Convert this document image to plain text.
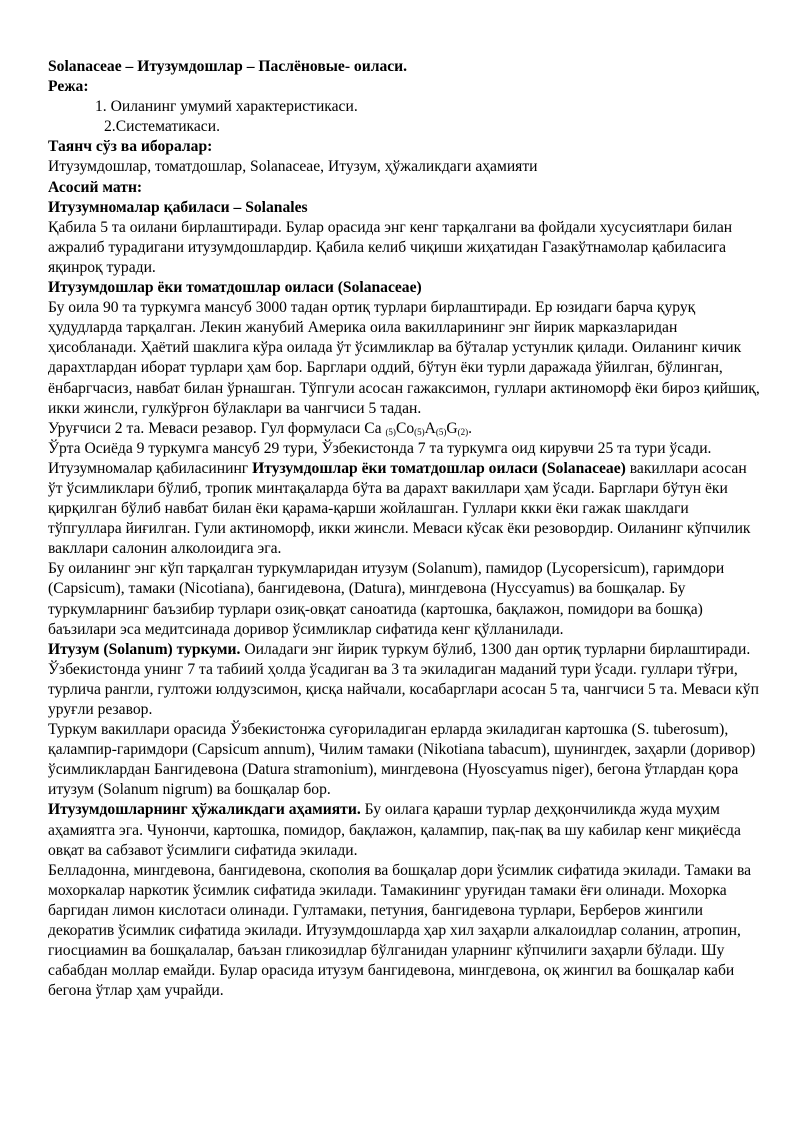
Solanaceae – Итузумдошлар – Паслёновые- оиласи.

Режа:

1. Оиланинг умумий характеристикаси.

2.Систематикаси.

Таянч сўз ва иборалар:

Итузумдошлар, томатдошлар, Solanaceae, Итузум, ҳўжаликдаги аҳамияти

Асосий матн:

Итузумномалар қабиласи – Solanales

Қабила 5 та оилани бирлаштиради. Булар орасида энг кенг тарқалгани ва фойдали хусусиятлари билан ажралиб турадигани итузумдошлардир. Қабила келиб чиқиши жиҳатидан Газакўтнамолар қабиласига яқинроқ туради.

Итузумдошлар ёки томатдошлар оиласи (Solanaceae)

Бу оила 90 та туркумга мансуб 3000 тадан ортиқ турлари бирлаштиради. Ер юзидаги барча қуруқ ҳудудларда тарқалган. Лекин жанубий Америка оила вакилларининг энг йирик марказларидан ҳисобланади. Ҳаётий шаклига кўра оилада ўт ўсимликлар ва бўталар устунлик қилади. Оиланинг кичик дарахтлардан иборат турлари ҳам бор. Барглари оддий, бўтун ёки турли даражада ўйилган, бўлинган, ёнбаргчасиз, навбат билан ўрнашган. Тўпгули асосан гажаксимон, гуллари актиноморф ёки бироз қийшиқ, икки жинсли, гулкўрғон бўлаклари ва чангчиси 5 тадан.

Уруғчиси 2 та. Меваси резавор. Гул формуласи Ca $_{(5)}Co_{(5)}A_{(5)}G_{(2)}$.

Ўрта Осиёда 9 туркумга мансуб 29 тури, Ўзбекистонда 7 та туркумга оид кирувчи 25 та тури ўсади.

Итузумномалар қабиласининг Итузумдошлар ёки томатдошлар оиласи (Solanaceae) вакиллари асосан ўт ўсимликлари бўлиб, тропик минтақаларда бўта ва дарахт вакиллари ҳам ўсади. Барглари бўтун ёки қирқилган бўлиб навбат билан ёки қарама-қарши жойлашган. Гуллари ккки ёки гажак шаклдаги тўпгуллара йиғилган. Гули актиноморф, икки жинсли. Меваси кўсак ёки резовордир. Оиланинг кўпчилик вакллари салонин алколоидига эга.

Бу оиланинг энг кўп тарқалган туркумларидан итузум (Solanum), памидор (Lycopersicum), гаримдори (Capsicum), тамаки (Nicotiana), бангидевона, (Datura), мингдевона (Hyccyamus) ва бошқалар. Бу туркумларнинг баъзибир турлари озиқ-овқат саноатида (картошка, бақлажон, помидори ва бошқа) баъзилари эса медитсинада доривор ўсимликлар сифатида кенг қўлланилади.

Итузум (Solanum) туркуми. Оиладаги энг йирик туркум бўлиб, 1300 дан ортиқ турларни бирлаштиради. Ўзбекистонда унинг 7 та табиий ҳолда ўсадиган ва 3 та экиладиган маданий тури ўсади. гуллари тўғри, турлича рангли, гултожи юлдузсимон, қисқа найчали, косабарглари асосан 5 та, чангчиси 5 та. Меваси кўп уруғли резавор.

Туркум вакиллари орасида Ўзбекистонжа суғориладиган ерларда экиладиган картошка (S. tuberosum), қалампир-гаримдори (Capsicum annum), Чилим тамаки (Nikotiana tabacum), шунингдек, заҳарли (доривор) ўсимликлардан Бангидевона (Datura stramonium), мингдевона (Hyoscyamus niger), бегона ўтлардан қора итузум (Solanum nigrum) ва бошқалар бор.

Итузумдошларнинг ҳўжаликдаги аҳамияти. Бу оилага қараши турлар деҳқончиликда жуда муҳим аҳамиятга эга. Чунончи, картошка, помидор, бақлажон, қалампир, пақ-пақ ва шу кабилар кенг миқиёсда овқат ва сабзавот ўсимлиги сифатида экилади.

Белладонна, мингдевона, бангидевона, скополия ва бошқалар дори ўсимлик сифатида экилади. Тамаки ва мохоркалар наркотик ўсимлик сифатида экилади. Тамакининг уруғидан тамаки ёғи олинади. Мохорка баргидан лимон кислотаси олинади. Гултамаки, петуния, бангидевона турлари, Берберов жингили декоратив ўсимлик сифатида экилади. Итузумдошларда ҳар хил заҳарли алкалоидлар соланин, атропин, гиосциамин ва бошқалалар, баъзан гликозидлар бўлганидан уларнинг кўпчилиги заҳарли бўлади. Шу сабабдан моллар емайди. Булар орасида итузум бангидевона, мингдевона, оқ жингил ва бошқалар каби бегона ўтлар ҳам учрайди.
